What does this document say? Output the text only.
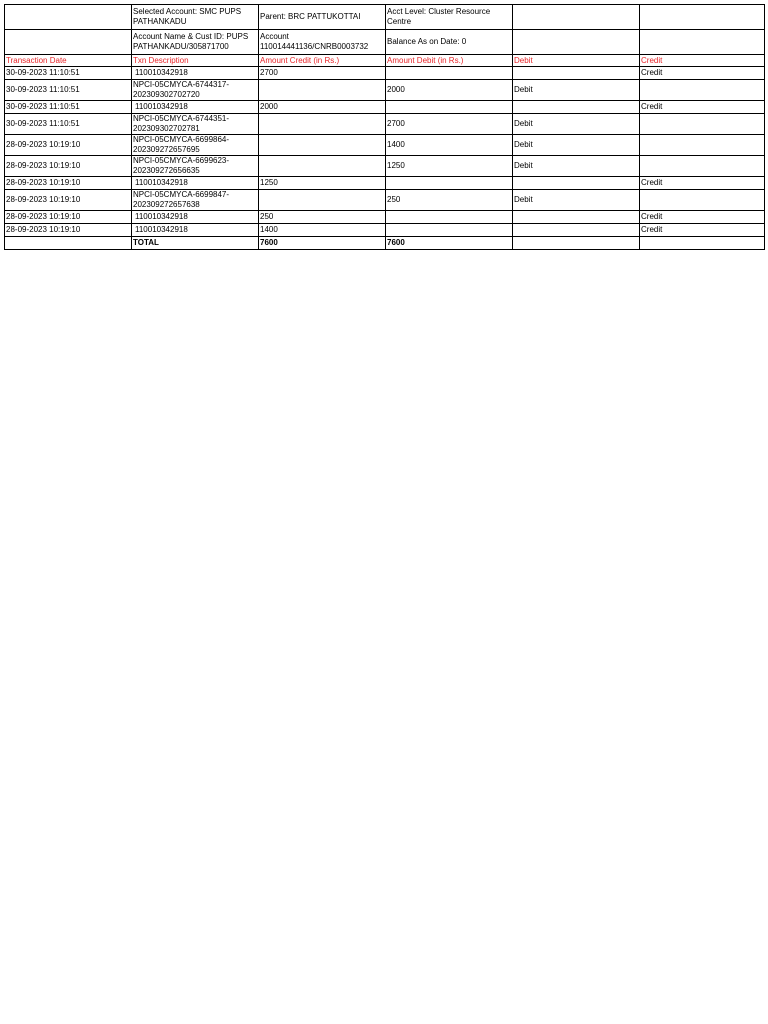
	Selected Account: SMC PUPS PATHANKADU	Parent: BRC PATTUKOTTAI	Acct Level: Cluster Resource Centre		
	Account Name & Cust ID: PUPS PATHANKADU/305871700	Account 110014441136/CNRB0003732	Balance As on Date: 0		
Transaction Date	Txn Description	Amount Credit (in Rs.)	Amount Debit (in Rs.)	Debit	Credit
30-09-2023 11:10:51	110010342918	2700			Credit
30-09-2023 11:10:51	NPCI-05CMYCA-6744317-202309302702720		2000	Debit	
30-09-2023 11:10:51	110010342918	2000			Credit
30-09-2023 11:10:51	NPCI-05CMYCA-6744351-202309302702781		2700	Debit	
28-09-2023 10:19:10	NPCI-05CMYCA-6699864-202309272657695		1400	Debit	
28-09-2023 10:19:10	NPCI-05CMYCA-6699623-202309272656635		1250	Debit	
28-09-2023 10:19:10	110010342918	1250			Credit
28-09-2023 10:19:10	NPCI-05CMYCA-6699847-202309272657638		250	Debit	
28-09-2023 10:19:10	110010342918	250			Credit
28-09-2023 10:19:10	110010342918	1400			Credit
	TOTAL	7600	7600		
